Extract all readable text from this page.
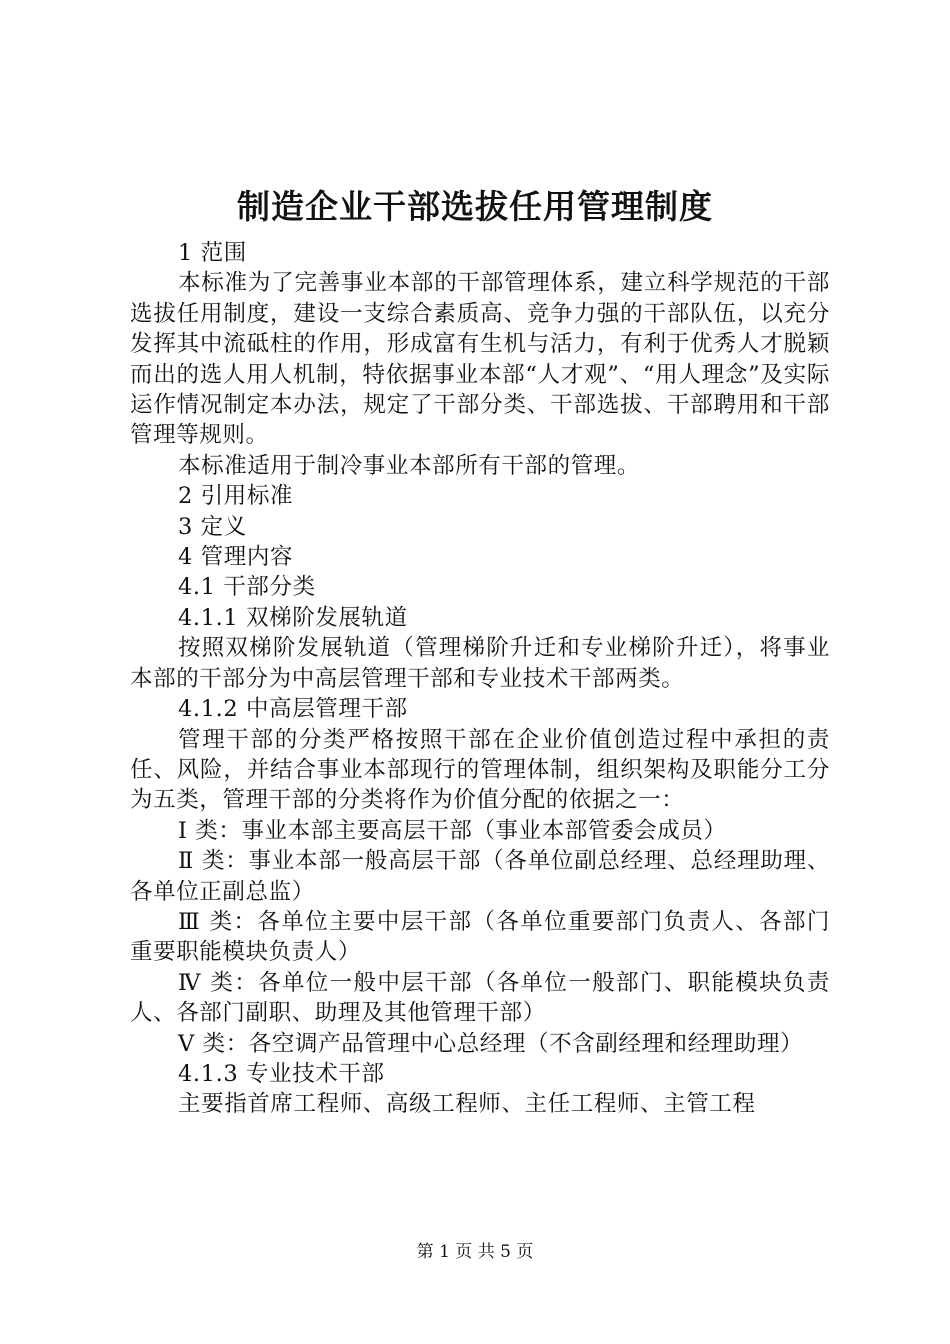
制造企业干部选拔任用管理制度

1 范围

本标准为了完善事业本部的干部管理体系，建立科学规范的干部选拔任用制度，建设一支综合素质高、竞争力强的干部队伍，以充分发挥其中流砥柱的作用，形成富有生机与活力，有利于优秀人才脱颖而出的选人用人机制，特依据事业本部“人才观”、“用人理念”及实际运作情况制定本办法，规定了干部分类、干部选拔、干部聘用和干部管理等规则。

本标准适用于制冷事业本部所有干部的管理。

2 引用标准

3 定义

4 管理内容

4.1 干部分类

4.1.1 双梯阶发展轨道

按照双梯阶发展轨道（管理梯阶升迁和专业梯阶升迁），将事业本部的干部分为中高层管理干部和专业技术干部两类。

4.1.2 中高层管理干部

管理干部的分类严格按照干部在企业价值创造过程中承担的责任、风险，并结合事业本部现行的管理体制，组织架构及职能分工分为五类，管理干部的分类将作为价值分配的依据之一：

Ⅰ 类：事业本部主要高层干部（事业本部管委会成员）

Ⅱ 类：事业本部一般高层干部（各单位副总经理、总经理助理、各单位正副总监）

Ⅲ 类：各单位主要中层干部（各单位重要部门负责人、各部门重要职能模块负责人）

Ⅳ 类：各单位一般中层干部（各单位一般部门、职能模块负责人、各部门副职、助理及其他管理干部）

Ⅴ 类：各空调产品管理中心总经理（不含副经理和经理助理）

4.1.3 专业技术干部

主要指首席工程师、高级工程师、主任工程师、主管工程

第 1 页 共 5 页
